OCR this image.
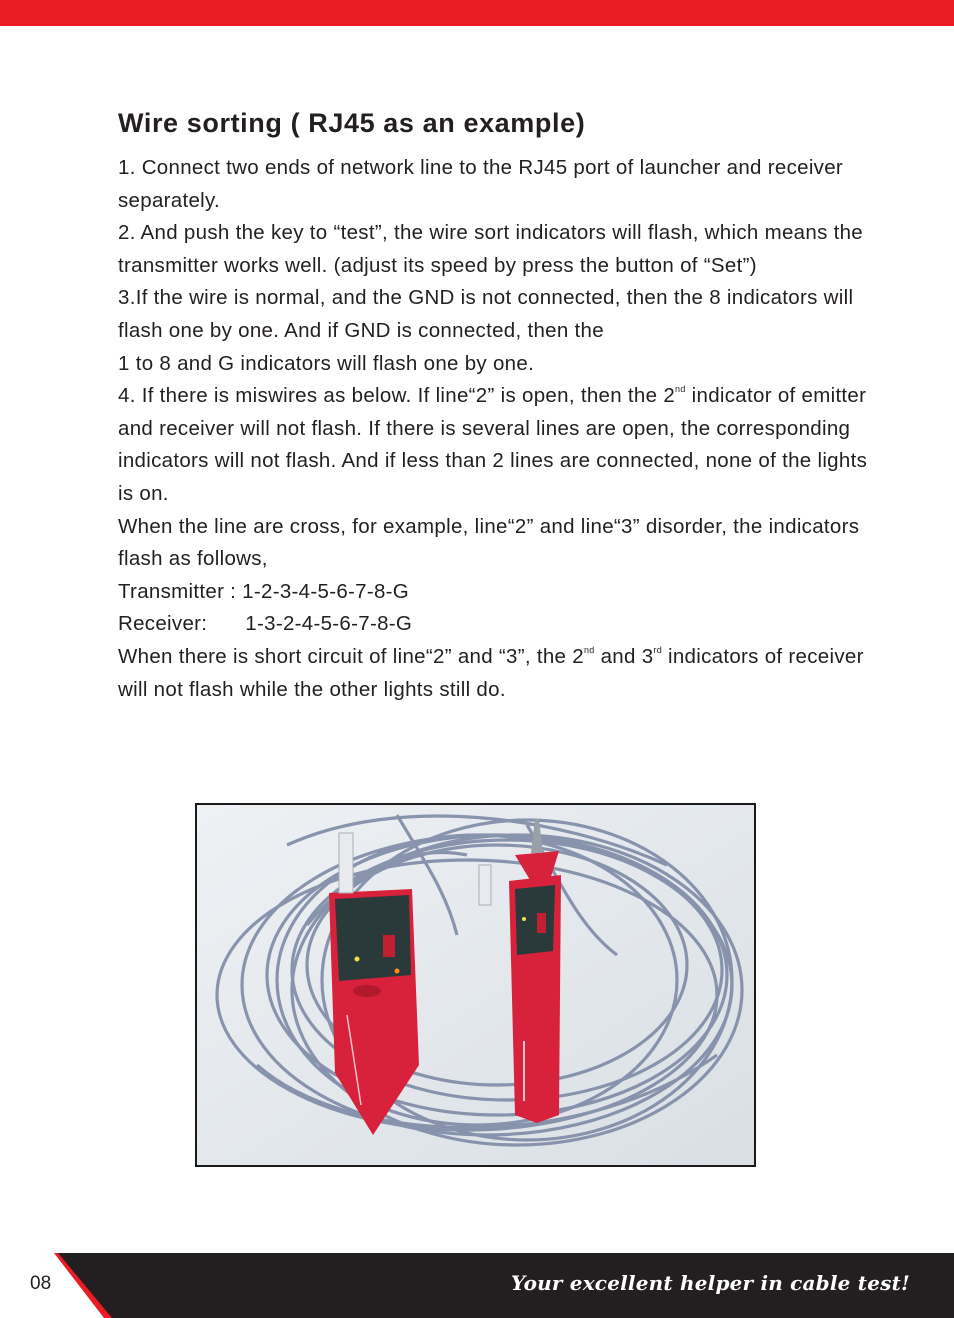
Wire sorting ( RJ45 as an example)

1. Connect two ends of network line to the RJ45 port of launcher and receiver separately.

2. And push the key to “test”, the wire sort indicators will flash, which means the transmitter works well. (adjust its speed by press the button of “Set”)

3.If the wire is normal, and the GND is not connected, then the 8 indicators will flash one by one. And if GND is connected, then the
1 to 8 and G indicators will flash one by one.

4. If there is miswires as below. If line“2” is open, then the 2nd indicator of emitter and receiver will not flash. If there is several lines are open, the corresponding indicators will not flash. And if less than 2 lines are connected, none of the lights is on.

When the line are cross, for example, line“2” and line“3” disorder, the indicators flash as follows,

Transmitter : 1-2-3-4-5-6-7-8-G

Receiver: 1-3-2-4-5-6-7-8-G

When there is short circuit of line“2” and “3”, the 2nd and 3rd indicators of receiver will not flash while the other lights still do.

08	Your excellent helper in cable test!
